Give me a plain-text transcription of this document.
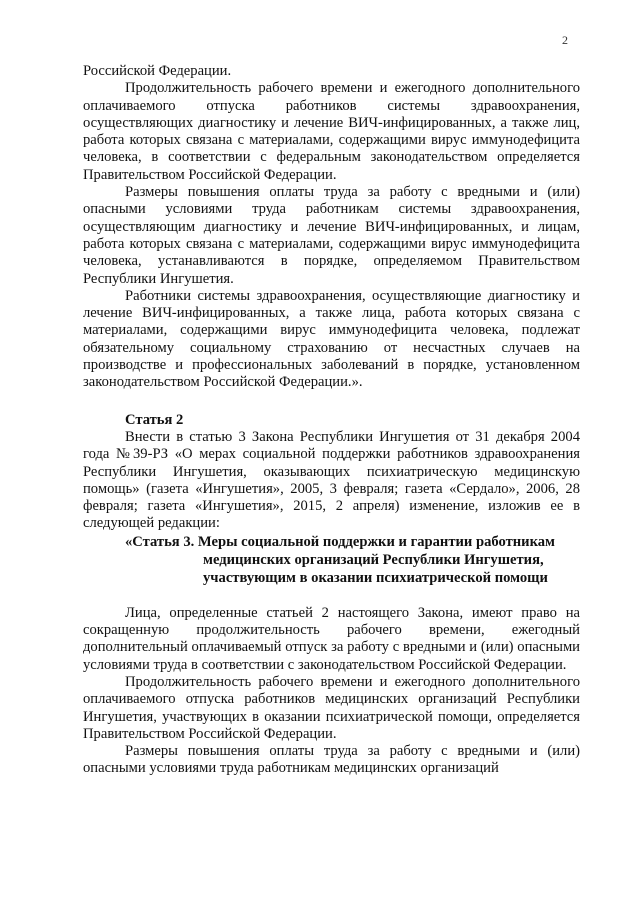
2

Российской Федерации.

Продолжительность рабочего времени и ежегодного дополнительного оплачиваемого отпуска работников системы здравоохранения, осуществляющих диагностику и лечение ВИЧ-инфицированных, а также лиц, работа которых связана с материалами, содержащими вирус иммунодефицита человека, в соответствии с федеральным законодательством определяется Правительством Российской Федерации.

Размеры повышения оплаты труда за работу с вредными и (или) опасными условиями труда работникам системы здравоохранения, осуществляющим диагностику и лечение ВИЧ-инфицированных, и лицам, работа которых связана с материалами, содержащими вирус иммунодефицита человека, устанавливаются в порядке, определяемом Правительством Республики Ингушетия.

Работники системы здравоохранения, осуществляющие диагностику и лечение ВИЧ-инфицированных, а также лица, работа которых связана с материалами, содержащими вирус иммунодефицита человека, подлежат обязательному социальному страхованию от несчастных случаев на производстве и профессиональных заболеваний в порядке, установленном законодательством Российской Федерации.».

Статья 2

Внести в статью 3 Закона Республики Ингушетия от 31 декабря 2004 года №39-РЗ «О мерах социальной поддержки работников здравоохранения Республики Ингушетия, оказывающих психиатрическую медицинскую помощь» (газета «Ингушетия», 2005, 3 февраля; газета «Сердало», 2006, 28 февраля; газета «Ингушетия», 2015, 2 апреля) изменение, изложив ее в следующей редакции:

«Статья 3. Меры социальной поддержки и гарантии работникам
медицинских организаций Республики Ингушетия,
участвующим в оказании психиатрической помощи

Лица, определенные статьей 2 настоящего Закона, имеют право на сокращенную продолжительность рабочего времени, ежегодный дополнительный оплачиваемый отпуск за работу с вредными и (или) опасными условиями труда в соответствии с законодательством Российской Федерации.

Продолжительность рабочего времени и ежегодного дополнительного оплачиваемого отпуска работников медицинских организаций Республики Ингушетия, участвующих в оказании психиатрической помощи, определяется Правительством Российской Федерации.

Размеры повышения оплаты труда за работу с вредными и (или) опасными условиями труда работникам медицинских организаций
